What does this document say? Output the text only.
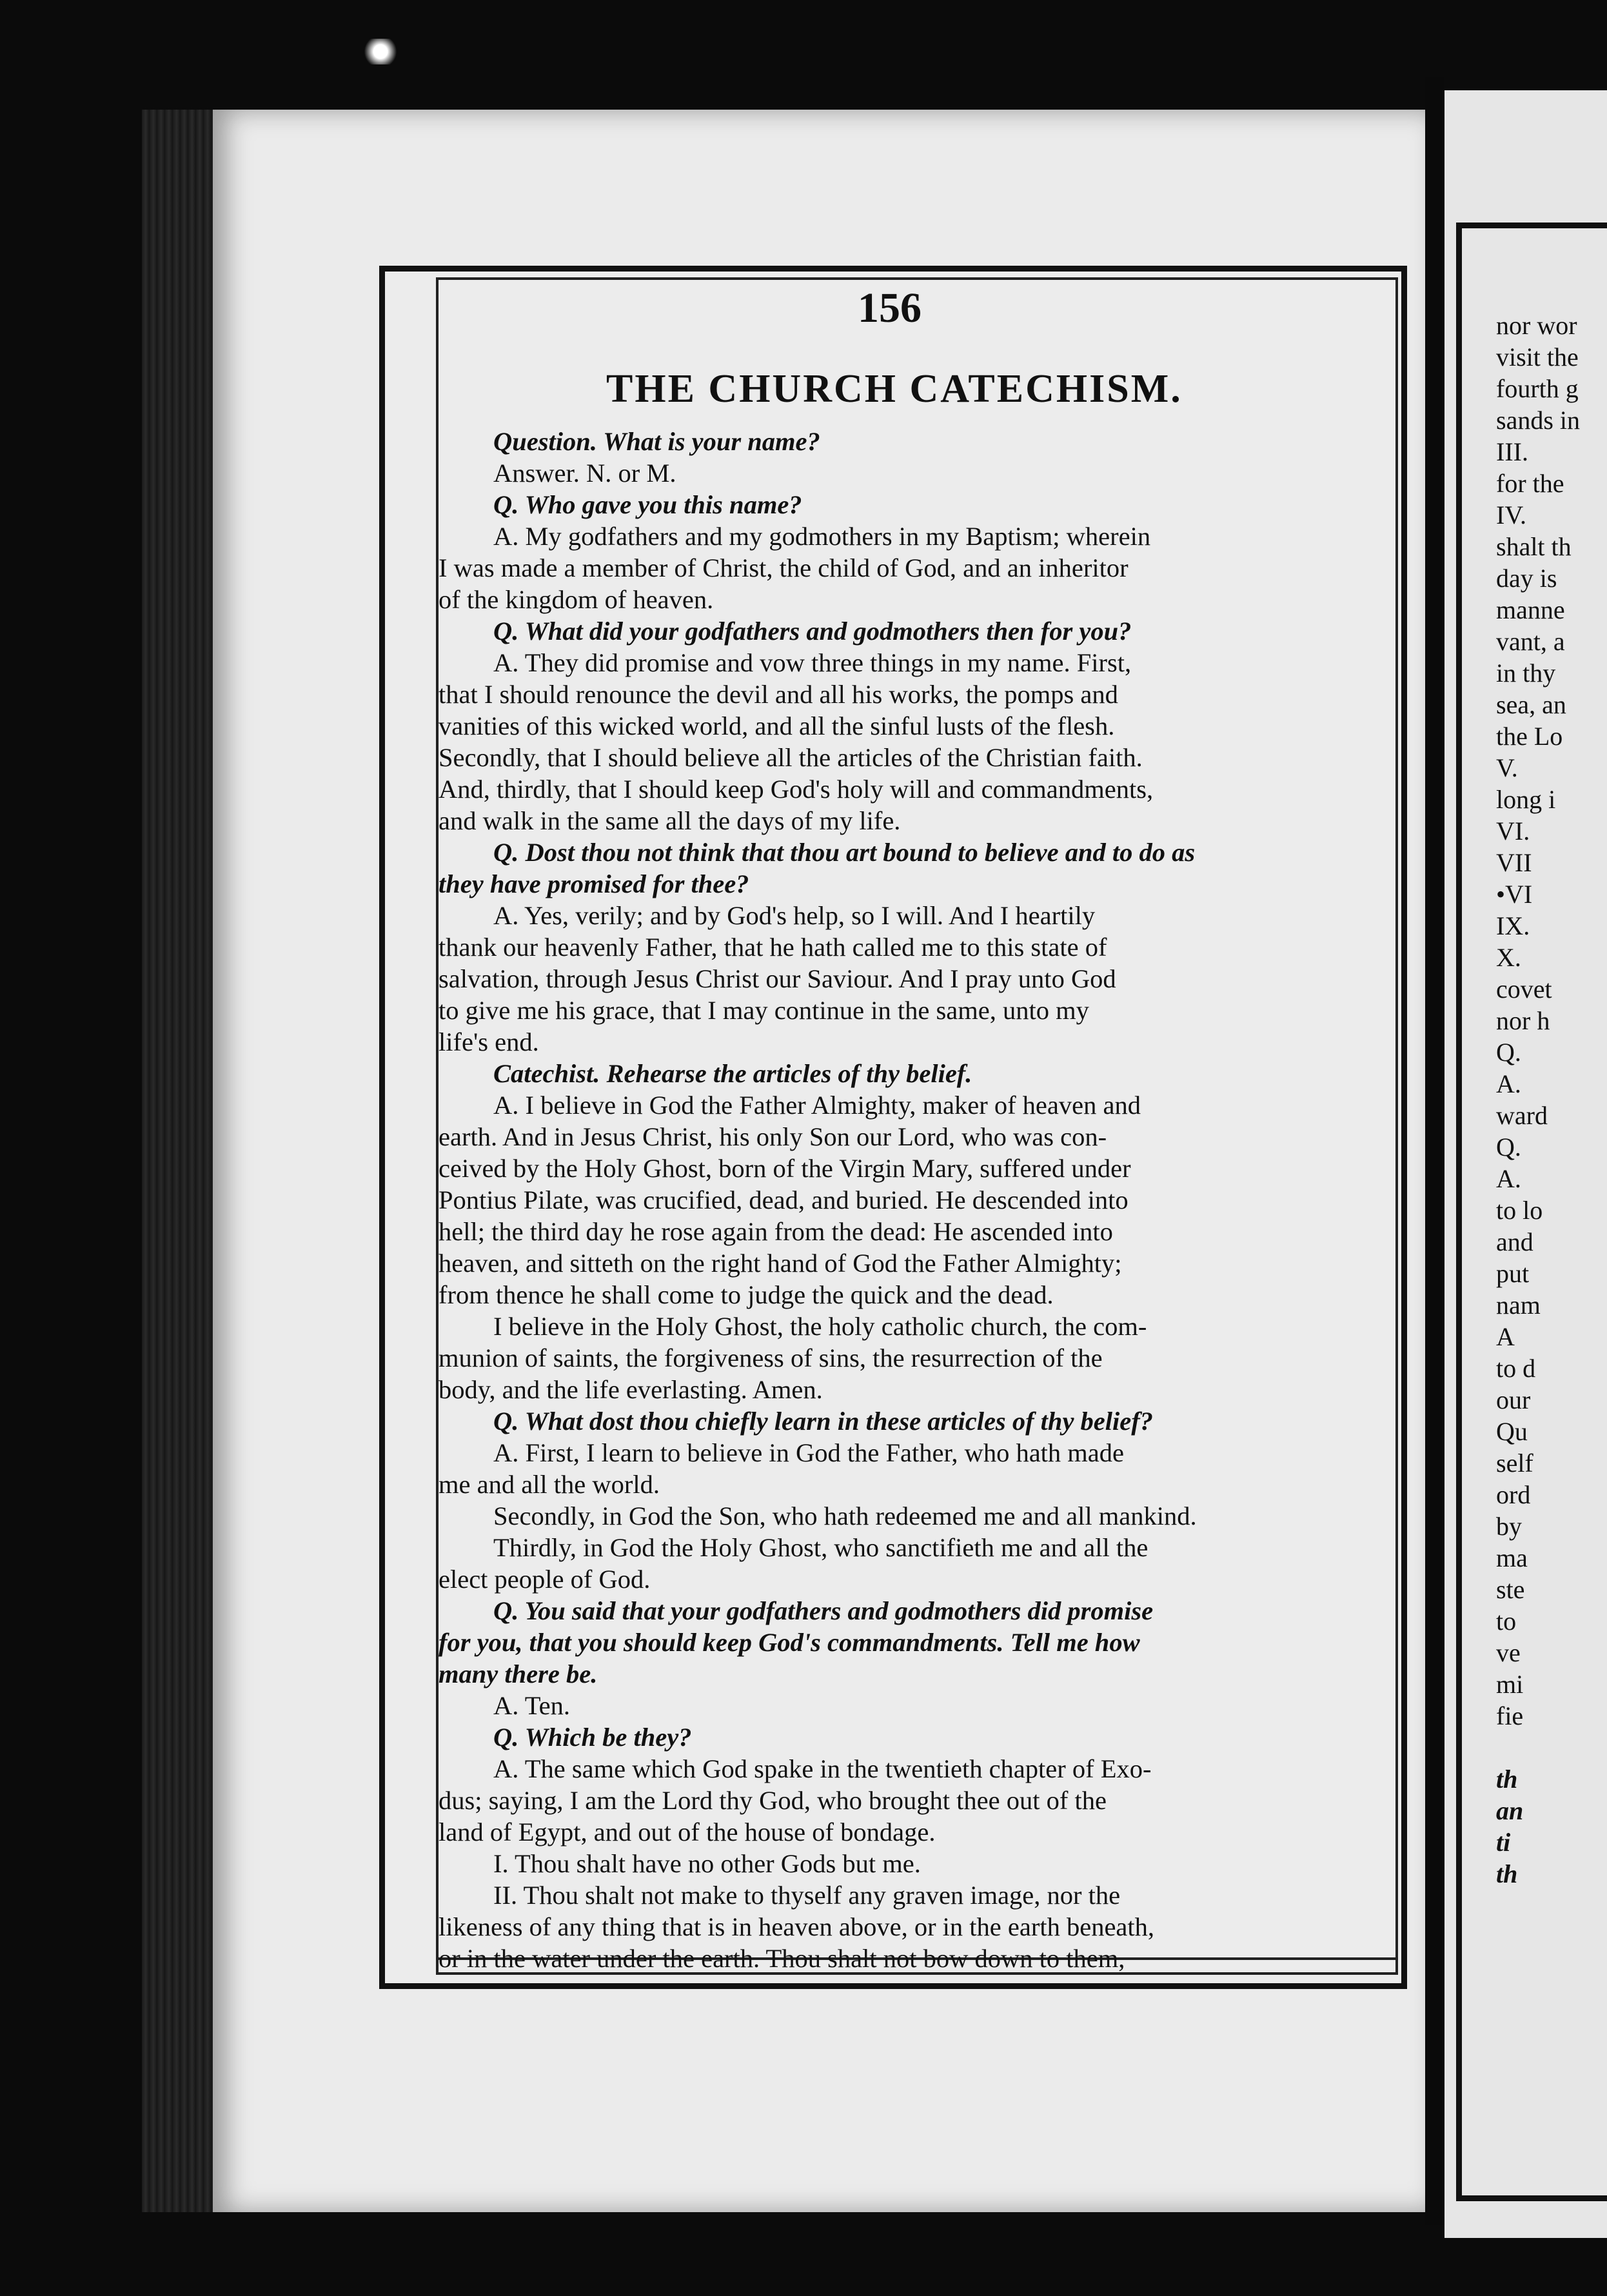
nor wor
visit the
fourth g
sands in
III.
for the
IV.
shalt th
day is
manne
vant, a
in thy
sea, an
the Lo
V.
long i
VI.
VII
•VI
IX.
X.
covet
nor h
Q.
A.
ward
Q.
A.
to lo
and
put
nam
A
to d
our
Qu
self
ord
by
ma
ste
to
ve
mi
fie
th
an
ti
th
156
THE CHURCH CATECHISM.
Question. What is your name?
Answer. N. or M.
Q. Who gave you this name?
A. My godfathers and my godmothers in my Baptism; wherein
I was made a member of Christ, the child of God, and an inheritor
of the kingdom of heaven.
Q. What did your godfathers and godmothers then for you?
A. They did promise and vow three things in my name. First,
that I should renounce the devil and all his works, the pomps and
vanities of this wicked world, and all the sinful lusts of the flesh.
Secondly, that I should believe all the articles of the Christian faith.
And, thirdly, that I should keep God's holy will and commandments,
and walk in the same all the days of my life.
Q. Dost thou not think that thou art bound to believe and to do as
they have promised for thee?
A. Yes, verily; and by God's help, so I will. And I heartily
thank our heavenly Father, that he hath called me to this state of
salvation, through Jesus Christ our Saviour. And I pray unto God
to give me his grace, that I may continue in the same, unto my
life's end.
Catechist. Rehearse the articles of thy belief.
A. I believe in God the Father Almighty, maker of heaven and
earth. And in Jesus Christ, his only Son our Lord, who was con-
ceived by the Holy Ghost, born of the Virgin Mary, suffered under
Pontius Pilate, was crucified, dead, and buried. He descended into
hell; the third day he rose again from the dead: He ascended into
heaven, and sitteth on the right hand of God the Father Almighty;
from thence he shall come to judge the quick and the dead.
I believe in the Holy Ghost, the holy catholic church, the com-
munion of saints, the forgiveness of sins, the resurrection of the
body, and the life everlasting. Amen.
Q. What dost thou chiefly learn in these articles of thy belief?
A. First, I learn to believe in God the Father, who hath made
me and all the world.
Secondly, in God the Son, who hath redeemed me and all mankind.
Thirdly, in God the Holy Ghost, who sanctifieth me and all the
elect people of God.
Q. You said that your godfathers and godmothers did promise
for you, that you should keep God's commandments. Tell me how
many there be.
A. Ten.
Q. Which be they?
A. The same which God spake in the twentieth chapter of Exo-
dus; saying, I am the Lord thy God, who brought thee out of the
land of Egypt, and out of the house of bondage.
I. Thou shalt have no other Gods but me.
II. Thou shalt not make to thyself any graven image, nor the
likeness of any thing that is in heaven above, or in the earth beneath,
or in the water under the earth. Thou shalt not bow down to them,
